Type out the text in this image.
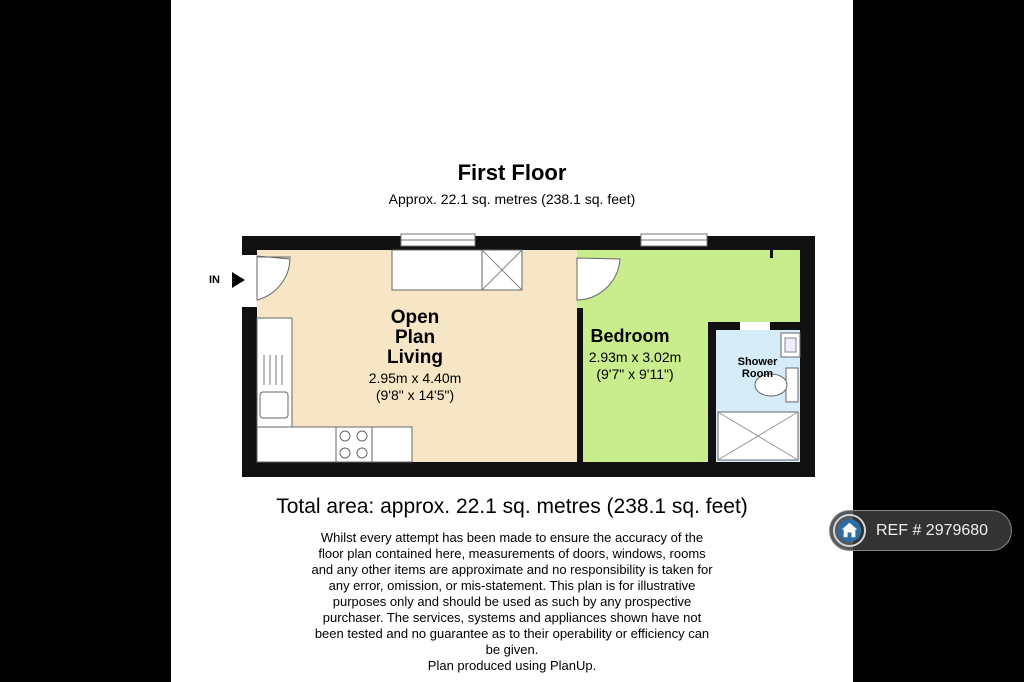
First Floor
Approx. 22.1 sq. metres (238.1 sq. feet)
IN
Open
Plan
Living
2.95m x 4.40m
(9'8" x 14'5")
Bedroom
2.93m x 3.02m
(9'7" x 9'11")
Shower
Room
Total area: approx. 22.1 sq. metres (238.1 sq. feet)
Whilst every attempt has been made to ensure the accuracy of the
floor plan contained here, measurements of doors, windows, rooms
and any other items are approximate and no responsibility is taken for
any error, omission, or mis-statement. This plan is for illustrative
purposes only and should be used as such by any prospective
purchaser. The services, systems and appliances shown have not
been tested and no guarantee as to their operability or efficiency can
be given.
Plan produced using PlanUp.
REF # 2979680
